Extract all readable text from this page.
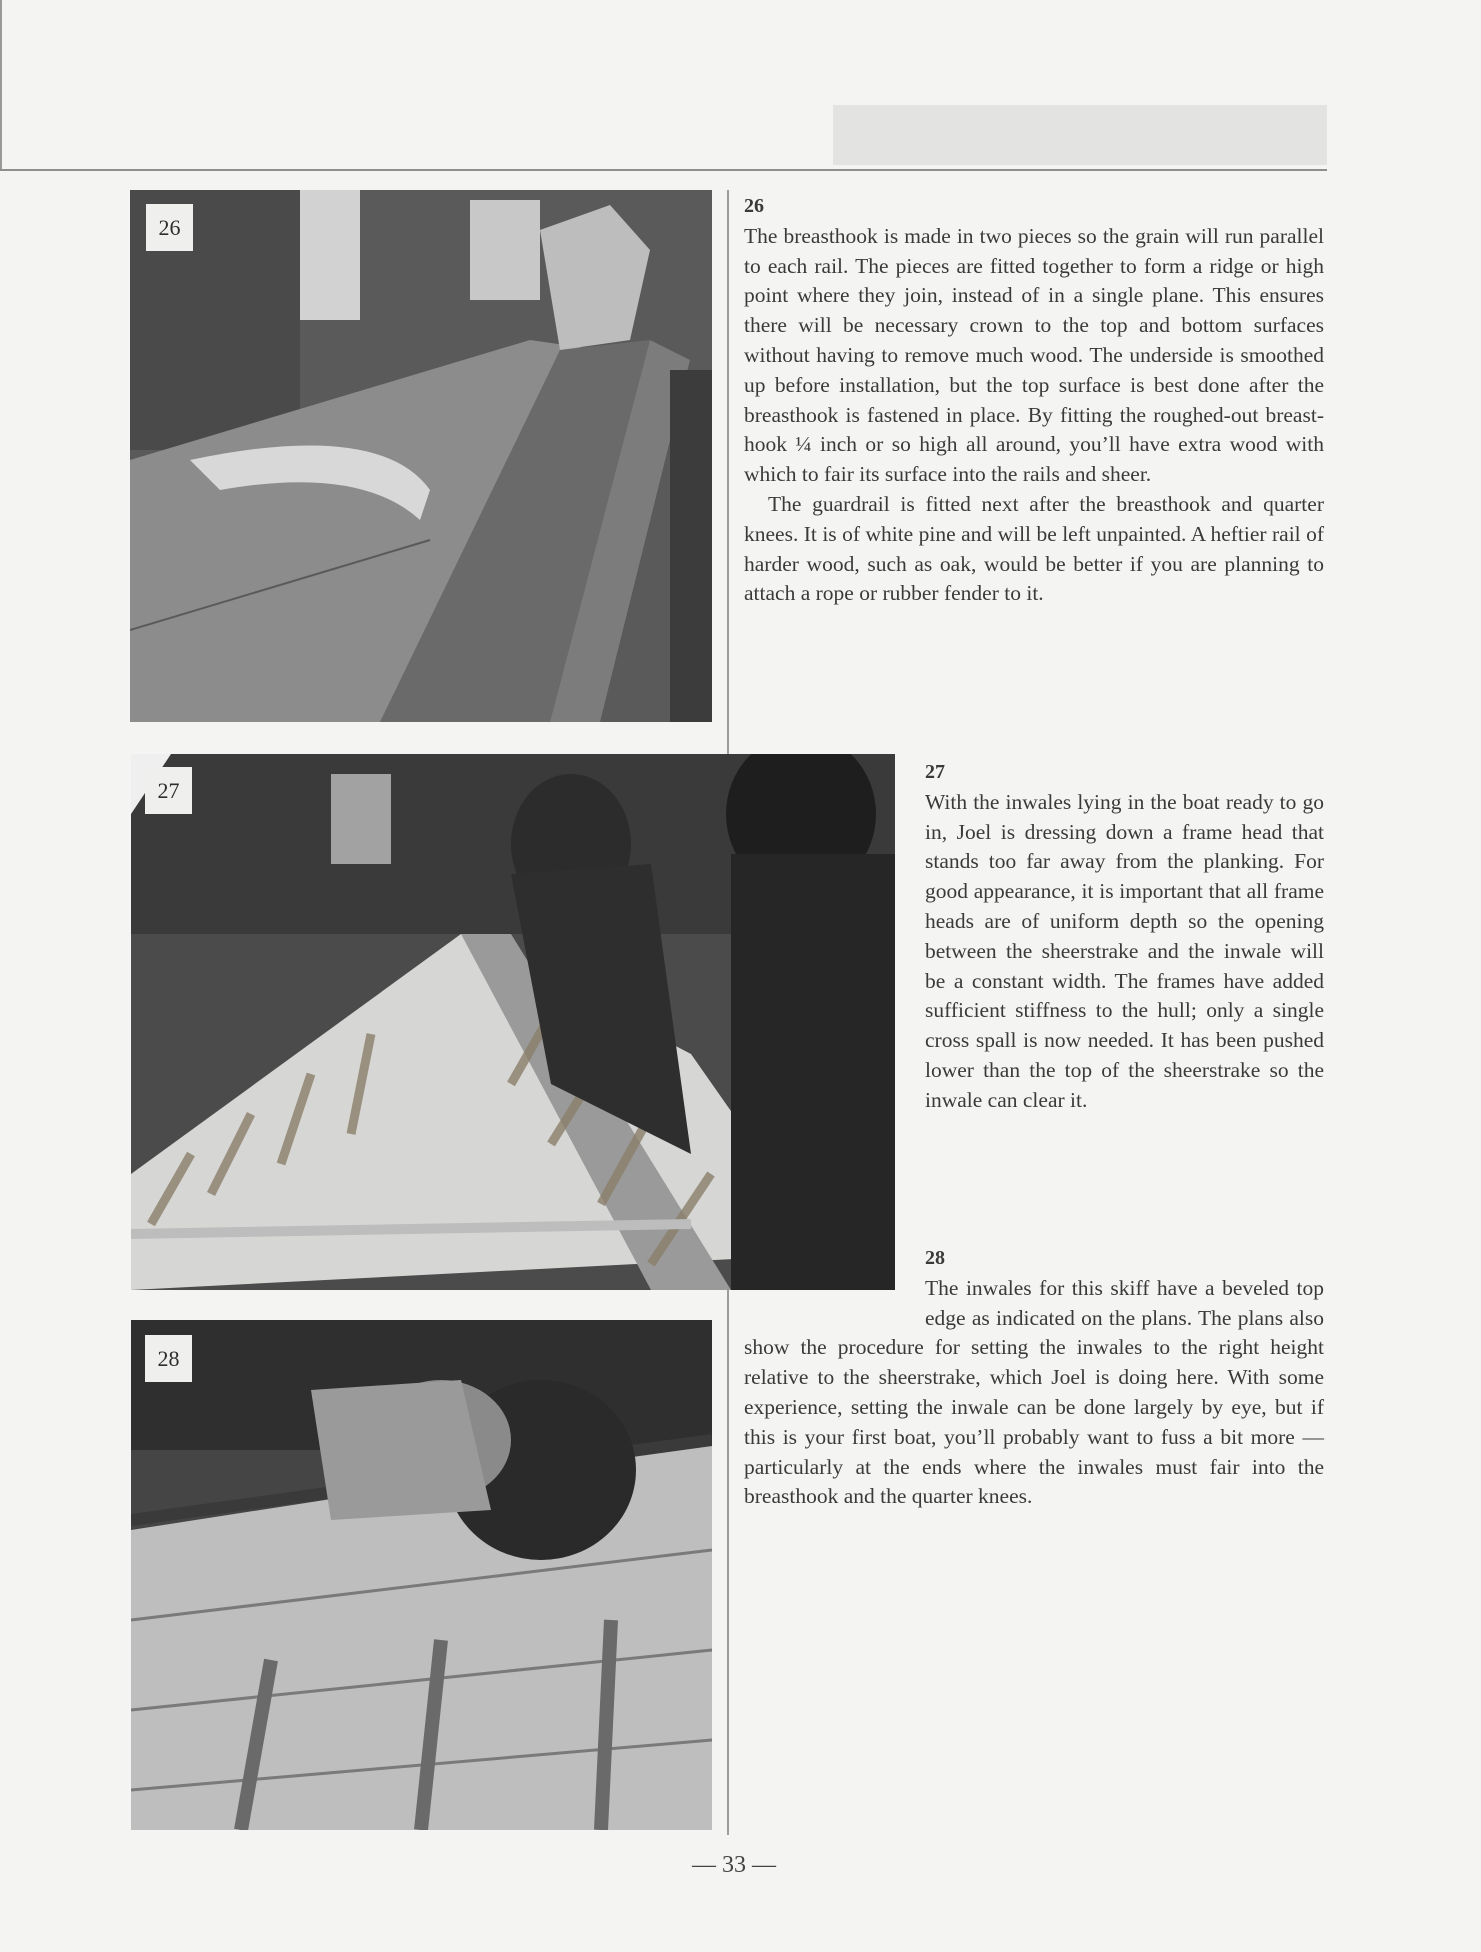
26
27
28
26

The breasthook is made in two pieces so the grain will run parallel to each rail. The pieces are fitted together to form a ridge or high point where they join, instead of in a single plane. This ensures there will be necessary crown to the top and bottom surfaces without having to remove much wood. The underside is smoothed up before installation, but the top surface is best done after the breasthook is fastened in place. By fitting the roughed-out breasthook ¼ inch or so high all around, you’ll have extra wood with which to fair its surface into the rails and sheer.

The guardrail is fitted next after the breasthook and quarter knees. It is of white pine and will be left unpainted. A heftier rail of harder wood, such as oak, would be better if you are planning to attach a rope or rubber fender to it.

27

With the inwales lying in the boat ready to go in, Joel is dressing down a frame head that stands too far away from the planking. For good appearance, it is important that all frame heads are of uniform depth so the opening between the sheerstrake and the inwale will be a constant width. The frames have added sufficient stiffness to the hull; only a single cross spall is now needed. It has been pushed lower than the top of the sheerstrake so the inwale can clear it.

28

The inwales for this skiff have a beveled top edge as indicated on the plans. The plans also show the procedure for setting the inwales to the right height relative to the sheerstrake, which Joel is doing here. With some experience, setting the inwale can be done largely by eye, but if this is your first boat, you’ll probably want to fuss a bit more — particularly at the ends where the inwales must fair into the breasthook and the quarter knees.

— 33 —
